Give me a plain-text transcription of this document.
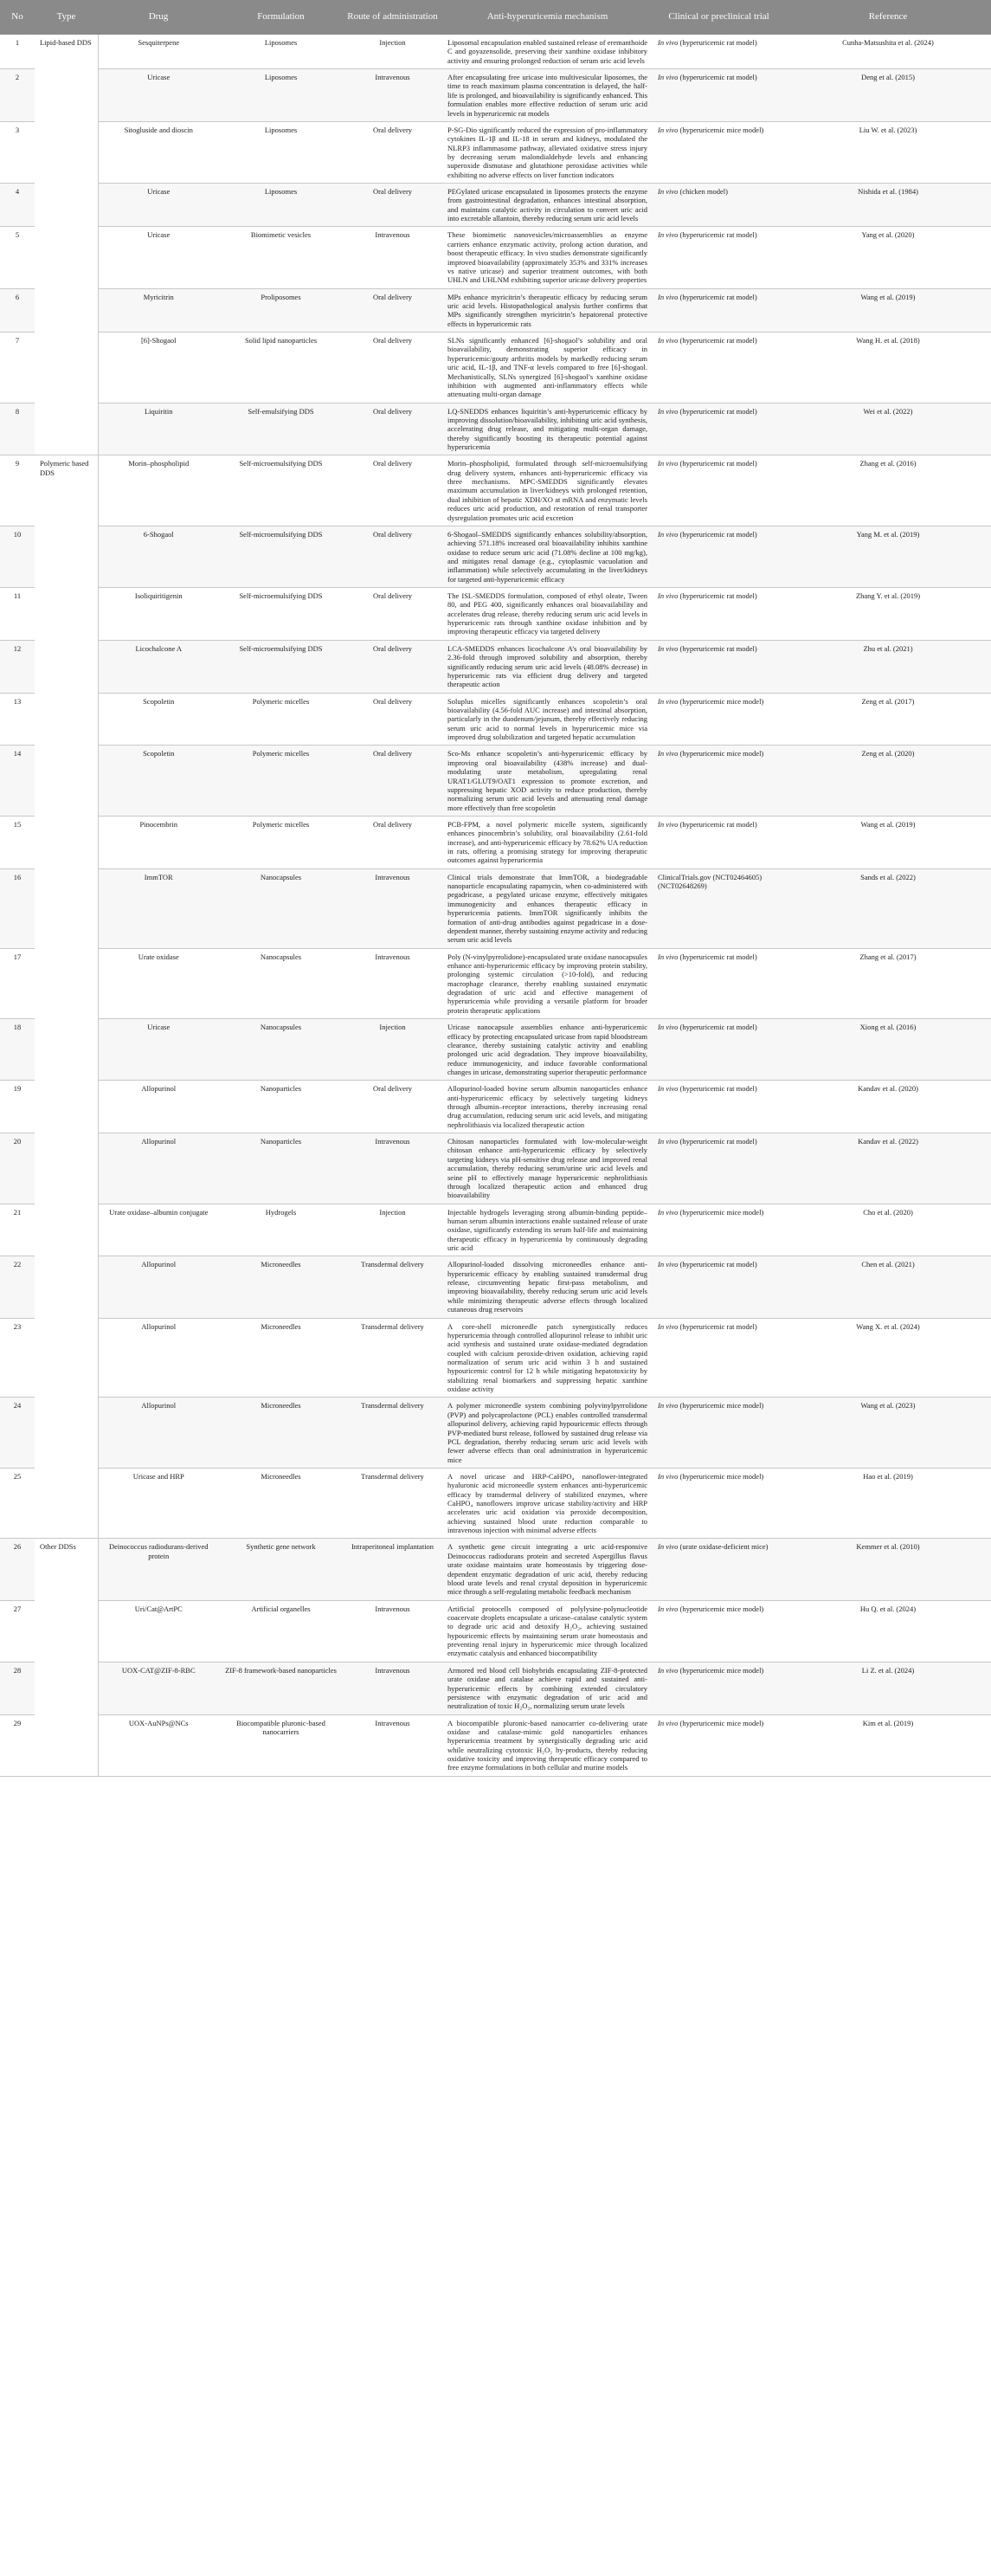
No	Type	Drug	Formulation	Route of administration	Anti-hyperuricemia mechanism	Clinical or preclinical trial	Reference
1	Lipid-based DDS	Sesquiterpene	Liposomes	Injection	Liposomal encapsulation enabled sustained release of eremanthoide C and goyazensolide, preserving their xanthine oxidase inhibitory activity and ensuring prolonged reduction of serum uric acid levels	In vivo (hyperuricemic rat model)	Cunha-Matsushita et al. (2024)
2		Uricase	Liposomes	Intravenous	After encapsulating free uricase into multivesicular liposomes, the time to reach maximum plasma concentration is delayed, the half-life is prolonged, and bioavailability is significantly enhanced. This formulation enables more effective reduction of serum uric acid levels in hyperuricemic rat models	In vivo (hyperuricemic rat model)	Deng et al. (2015)
3		Sitogluside and dioscin	Liposomes	Oral delivery	P-SG-Dio significantly reduced the expression of pro-inflammatory cytokines IL-1β and IL-18 in serum and kidneys, modulated the NLRP3 inflammasome pathway, alleviated oxidative stress injury by decreasing serum malondialdehyde levels and enhancing superoxide dismutase and glutathione peroxidase activities while exhibiting no adverse effects on liver function indicators	In vivo (hyperuricemic mice model)	Liu W. et al. (2023)
4		Uricase	Liposomes	Oral delivery	PEGylated uricase encapsulated in liposomes protects the enzyme from gastrointestinal degradation, enhances intestinal absorption, and maintains catalytic activity in circulation to convert uric acid into excretable allantoin, thereby reducing serum uric acid levels	In vivo (chicken model)	Nishida et al. (1984)
5		Uricase	Biomimetic vesicles	Intravenous	These biomimetic nanovesicles/microassemblies as enzyme carriers enhance enzymatic activity, prolong action duration, and boost therapeutic efficacy. In vivo studies demonstrate significantly improved bioavailability (approximately 353% and 331% increases vs native uricase) and superior treatment outcomes, with both UHLN and UHLNM exhibiting superior uricase delivery properties	In vivo (hyperuricemic rat model)	Yang et al. (2020)
6		Myricitrin	Proliposomes	Oral delivery	MPs enhance myricitrin’s therapeutic efficacy by reducing serum uric acid levels. Histopathological analysis further confirms that MPs significantly strengthen myricitrin’s hepatorenal protective effects in hyperuricemic rats	In vivo (hyperuricemic rat model)	Wang et al. (2019)
7		[6]-Shogaol	Solid lipid nanoparticles	Oral delivery	SLNs significantly enhanced [6]-shogaol’s solubility and oral bioavailability, demonstrating superior efficacy in hyperuricemic/gouty arthritis models by markedly reducing serum uric acid, IL-1β, and TNF-α levels compared to free [6]-shogaol. Mechanistically, SLNs synergized [6]-shogaol’s xanthine oxidase inhibition with augmented anti-inflammatory effects while attenuating multi-organ damage	In vivo (hyperuricemic rat model)	Wang H. et al. (2018)
8		Liquiritin	Self-emulsifying DDS	Oral delivery	LQ-SNEDDS enhances liquiritin’s anti-hyperuricemic efficacy by improving dissolution/bioavailability, inhibiting uric acid synthesis, accelerating drug release, and mitigating multi-organ damage, thereby significantly boosting its therapeutic potential against hyperuricemia	In vivo (hyperuricemic rat model)	Wei et al. (2022)
9	Polymeric based DDS	Morin–phospholipid	Self-microemulsifying DDS	Oral delivery	Morin–phospholipid, formulated through self-microemulsifying drug delivery system, enhances anti-hyperuricemic efficacy via three mechanisms. MPC-SMEDDS significantly elevates maximum accumulation in liver/kidneys with prolonged retention, dual inhibition of hepatic XDH/XO at mRNA and enzymatic levels reduces uric acid production, and restoration of renal transporter dysregulation promotes uric acid excretion	In vivo (hyperuricemic rat model)	Zhang et al. (2016)
10		6-Shogaol	Self-microemulsifying DDS	Oral delivery	6-Shogaol–SMEDDS significantly enhances solubility/absorption, achieving 571.18% increased oral bioavailability inhibits xanthine oxidase to reduce serum uric acid (71.08% decline at 100 mg/kg), and mitigates renal damage (e.g., cytoplasmic vacuolation and inflammation) while selectively accumulating in the liver/kidneys for targeted anti-hyperuricemic efficacy	In vivo (hyperuricemic rat model)	Yang M. et al. (2019)
11		Isoliquiritigenin	Self-microemulsifying DDS	Oral delivery	The ISL-SMEDDS formulation, composed of ethyl oleate, Tween 80, and PEG 400, significantly enhances oral bioavailability and accelerates drug release, thereby reducing serum uric acid levels in hyperuricemic rats through xanthine oxidase inhibition and by improving therapeutic efficacy via targeted delivery	In vivo (hyperuricemic rat model)	Zhang Y. et al. (2019)
12		Licochalcone A	Self-microemulsifying DDS	Oral delivery	LCA-SMEDDS enhances licochalcone A’s oral bioavailability by 2.36-fold through improved solubility and absorption, thereby significantly reducing serum uric acid levels (48.08% decrease) in hyperuricemic rats via efficient drug delivery and targeted therapeutic action	In vivo (hyperuricemic rat model)	Zhu et al. (2021)
13		Scopoletin	Polymeric micelles	Oral delivery	Soluplus micelles significantly enhances scopoletin’s oral bioavailability (4.56-fold AUC increase) and intestinal absorption, particularly in the duodenum/jejunum, thereby effectively reducing serum uric acid to normal levels in hyperuricemic mice via improved drug solubilization and targeted hepatic accumulation	In vivo (hyperuricemic mice model)	Zeng et al. (2017)
14		Scopoletin	Polymeric micelles	Oral delivery	Sco-Ms enhance scopoletin’s anti-hyperuricemic efficacy by improving oral bioavailability (438% increase) and dual-modulating urate metabolism, upregulating renal URAT1/GLUT9/OAT1 expression to promote excretion, and suppressing hepatic XOD activity to reduce production, thereby normalizing serum uric acid levels and attenuating renal damage more effectively than free scopoletin	In vivo (hyperuricemic mice model)	Zeng et al. (2020)
15		Pinocembrin	Polymeric micelles	Oral delivery	PCB-FPM, a novel polymeric micelle system, significantly enhances pinocembrin’s solubility, oral bioavailability (2.61-fold increase), and anti-hyperuricemic efficacy by 78.62% UA reduction in rats, offering a promising strategy for improving therapeutic outcomes against hyperuricemia	In vivo (hyperuricemic rat model)	Wang et al. (2019)
16		ImmTOR	Nanocapsules	Intravenous	Clinical trials demonstrate that ImmTOR, a biodegradable nanoparticle encapsulating rapamycin, when co-administered with pegadricase, a pegylated uricase enzyme, effectively mitigates immunogenicity and enhances therapeutic efficacy in hyperuricemia patients. ImmTOR significantly inhibits the formation of anti-drug antibodies against pegadricase in a dose-dependent manner, thereby sustaining enzyme activity and reducing serum uric acid levels	ClinicalTrials.gov (NCT02464605) (NCT02648269)	Sands et al. (2022)
17		Urate oxidase	Nanocapsules	Intravenous	Poly (N-vinylpyrrolidone)-encapsulated urate oxidase nanocapsules enhance anti-hyperuricemic efficacy by improving protein stability, prolonging systemic circulation (>10-fold), and reducing macrophage clearance, thereby enabling sustained enzymatic degradation of uric acid and effective management of hyperuricemia while providing a versatile platform for broader protein therapeutic applications	In vivo (hyperuricemic rat model)	Zhang et al. (2017)
18		Uricase	Nanocapsules	Injection	Uricase nanocapsule assemblies enhance anti-hyperuricemic efficacy by protecting encapsulated uricase from rapid bloodstream clearance, thereby sustaining catalytic activity and enabling prolonged uric acid degradation. They improve bioavailability, reduce immunogenicity, and induce favorable conformational changes in uricase, demonstrating superior therapeutic performance	In vivo (hyperuricemic rat model)	Xiong et al. (2016)
19		Allopurinol	Nanoparticles	Oral delivery	Allopurinol-loaded bovine serum albumin nanoparticles enhance anti-hyperuricemic efficacy by selectively targeting kidneys through albumin–receptor interactions, thereby increasing renal drug accumulation, reducing serum uric acid levels, and mitigating nephrolithiasis via localized therapeutic action	In vivo (hyperuricemic rat model)	Kandav et al. (2020)
20		Allopurinol	Nanoparticles	Intravenous	Chitosan nanoparticles formulated with low-molecular-weight chitosan enhance anti-hyperuricemic efficacy by selectively targeting kidneys via pH-sensitive drug release and improved renal accumulation, thereby reducing serum/urine uric acid levels and seine pH to effectively manage hyperuricemic nephrolithiasis through localized therapeutic action and enhanced drug bioavailability	In vivo (hyperuricemic rat model)	Kandav et al. (2022)
21		Urate oxidase–albumin conjugate	Hydrogels	Injection	Injectable hydrogels leveraging strong albumin-binding peptide–human serum albumin interactions enable sustained release of urate oxidase, significantly extending its serum half-life and maintaining therapeutic efficacy in hyperuricemia by continuously degrading uric acid	In vivo (hyperuricemic mice model)	Cho et al. (2020)
22		Allopurinol	Microneedles	Transdermal delivery	Allopurinol-loaded dissolving microneedles enhance anti-hyperuricemic efficacy by enabling sustained transdermal drug release, circumventing hepatic first-pass metabolism, and improving bioavailability, thereby reducing serum uric acid levels while minimizing therapeutic adverse effects through localized cutaneous drug reservoirs	In vivo (hyperuricemic rat model)	Chen et al. (2021)
23		Allopurinol	Microneedles	Transdermal delivery	A core-shell microneedle patch synergistically reduces hyperuricemia through controlled allopurinol release to inhibit uric acid synthesis and sustained urate oxidase-mediated degradation coupled with calcium peroxide-driven oxidation, achieving rapid normalization of serum uric acid within 3 h and sustained hypouricemic control for 12 h while mitigating hepatotoxicity by stabilizing renal biomarkers and suppressing hepatic xanthine oxidase activity	In vivo (hyperuricemic rat model)	Wang X. et al. (2024)
24		Allopurinol	Microneedles	Transdermal delivery	A polymer microneedle system combining polyvinylpyrrolidone (PVP) and polycaprolactone (PCL) enables controlled transdermal allopurinol delivery, achieving rapid hypouricemic effects through PVP-mediated burst release, followed by sustained drug release via PCL degradation, thereby reducing serum uric acid levels with fewer adverse effects than oral administration in hyperuricemic mice	In vivo (hyperuricemic mice model)	Wang et al. (2023)
25		Uricase and HRP	Microneedles	Transdermal delivery	A novel uricase and HRP-CaHPO₄ nanoflower-integrated hyaluronic acid microneedle system enhances anti-hyperuricemic efficacy by transdermal delivery of stabilized enzymes, where CaHPO₄ nanoflowers improve uricase stability/activity and HRP accelerates uric acid oxidation via peroxide decomposition, achieving sustained blood urate reduction comparable to intravenous injection with minimal adverse effects	In vivo (hyperuricemic mice model)	Hao et al. (2019)
26	Other DDSs	Deinococcus radiodurans-derived protein	Synthetic gene network	Intraperitoneal implantation	A synthetic gene circuit integrating a uric acid-responsive Deinococcus radiodurans protein and secreted Aspergillus flavus urate oxidase maintains urate homeostasis by triggering dose-dependent enzymatic degradation of uric acid, thereby reducing blood urate levels and renal crystal deposition in hyperuricemic mice through a self-regulating metabolic feedback mechanism	In vivo (urate oxidase-deficient mice)	Kemmer et al. (2010)
27		Uri/Cat@ArtPC	Artificial organelles	Intravenous	Artificial protocells composed of polylysine-polynucleotide coacervate droplets encapsulate a uricase–catalase catalytic system to degrade uric acid and detoxify H₂O₂, achieving sustained hypouricemic effects by maintaining serum urate homeostasis and preventing renal injury in hyperuricemic mice through localized enzymatic catalysis and enhanced biocompatibility	In vivo (hyperuricemic mice model)	Hu Q. et al. (2024)
28		UOX-CAT@ZIF-8-RBC	ZIF-8 framework-based nanoparticles	Intravenous	Armored red blood cell biohybrids encapsulating ZIF-8-protected urate oxidase and catalase achieve rapid and sustained anti-hyperuricemic effects by combining extended circulatory persistence with enzymatic degradation of uric acid and neutralization of toxic H₂O₂, normalizing serum urate levels	In vivo (hyperuricemic mice model)	Li Z. et al. (2024)
29		UOX-AuNPs@NCs	Biocompatible pluronic-based nanocarriers	Intravenous	A biocompatible pluronic-based nanocarrier co-delivering urate oxidase and catalase-mimic gold nanoparticles enhances hyperuricemia treatment by synergistically degrading uric acid while neutralizing cytotoxic H₂O₂ by-products, thereby reducing oxidative toxicity and improving therapeutic efficacy compared to free enzyme formulations in both cellular and murine models	In vivo (hyperuricemic mice model)	Kim et al. (2019)
